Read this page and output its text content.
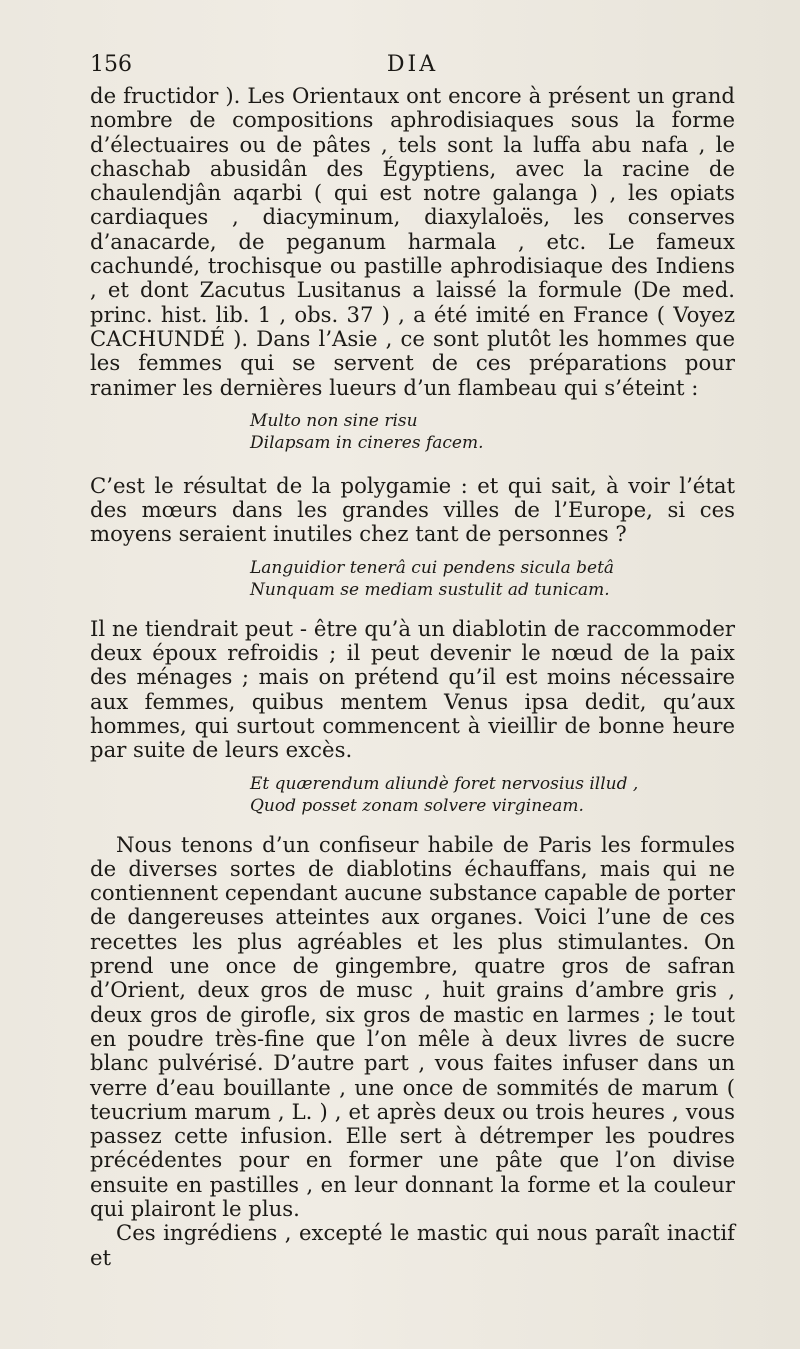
156	DIA

de fructidor ). Les Orientaux ont encore à présent un grand nombre de compositions aphrodisiaques sous la forme d’électuaires ou de pâtes , tels sont la luffa abu nafa , le chaschab abusidân des Égyptiens, avec la racine de chaulendjân aqarbi ( qui est notre galanga ) , les opiats cardiaques , diacyminum, diaxylaloës, les conserves d’anacarde, de peganum harmala , etc. Le fameux cachundé, trochisque ou pastille aphrodisiaque des Indiens , et dont Zacutus Lusitanus a laissé la formule (De med. princ. hist. lib. 1 , obs. 37 ) , a été imité en France ( Voyez CACHUNDÉ ). Dans l’Asie , ce sont plutôt les hommes que les femmes qui se servent de ces préparations pour ranimer les dernières lueurs d’un flambeau qui s’éteint :

Multo non sine risu

Dilapsam in cineres facem.

C’est le résultat de la polygamie : et qui sait, à voir l’état des mœurs dans les grandes villes de l’Europe, si ces moyens seraient inutiles chez tant de personnes ?

Languidior tenerâ cui pendens sicula betâ

Nunquam se mediam sustulit ad tunicam.

Il ne tiendrait peut - être qu’à un diablotin de raccommoder deux époux refroidis ; il peut devenir le nœud de la paix des ménages ; mais on prétend qu’il est moins nécessaire aux femmes, quibus mentem Venus ipsa dedit, qu’aux hommes, qui surtout commencent à vieillir de bonne heure par suite de leurs excès.

Et quærendum aliundè foret nervosius illud ,

Quod posset zonam solvere virgineam.

Nous tenons d’un confiseur habile de Paris les formules de diverses sortes de diablotins échauffans, mais qui ne contiennent cependant aucune substance capable de porter de dangereuses atteintes aux organes. Voici l’une de ces recettes les plus agréables et les plus stimulantes. On prend une once de gingembre, quatre gros de safran d’Orient, deux gros de musc , huit grains d’ambre gris , deux gros de girofle, six gros de mastic en larmes ; le tout en poudre très-fine que l’on mêle à deux livres de sucre blanc pulvérisé. D’autre part , vous faites infuser dans un verre d’eau bouillante , une once de sommités de marum ( teucrium marum , L. ) , et après deux ou trois heures , vous passez cette infusion. Elle sert à détremper les poudres précédentes pour en former une pâte que l’on divise ensuite en pastilles , en leur donnant la forme et la couleur qui plairont le plus.

Ces ingrédiens , excepté le mastic qui nous paraît inactif et
